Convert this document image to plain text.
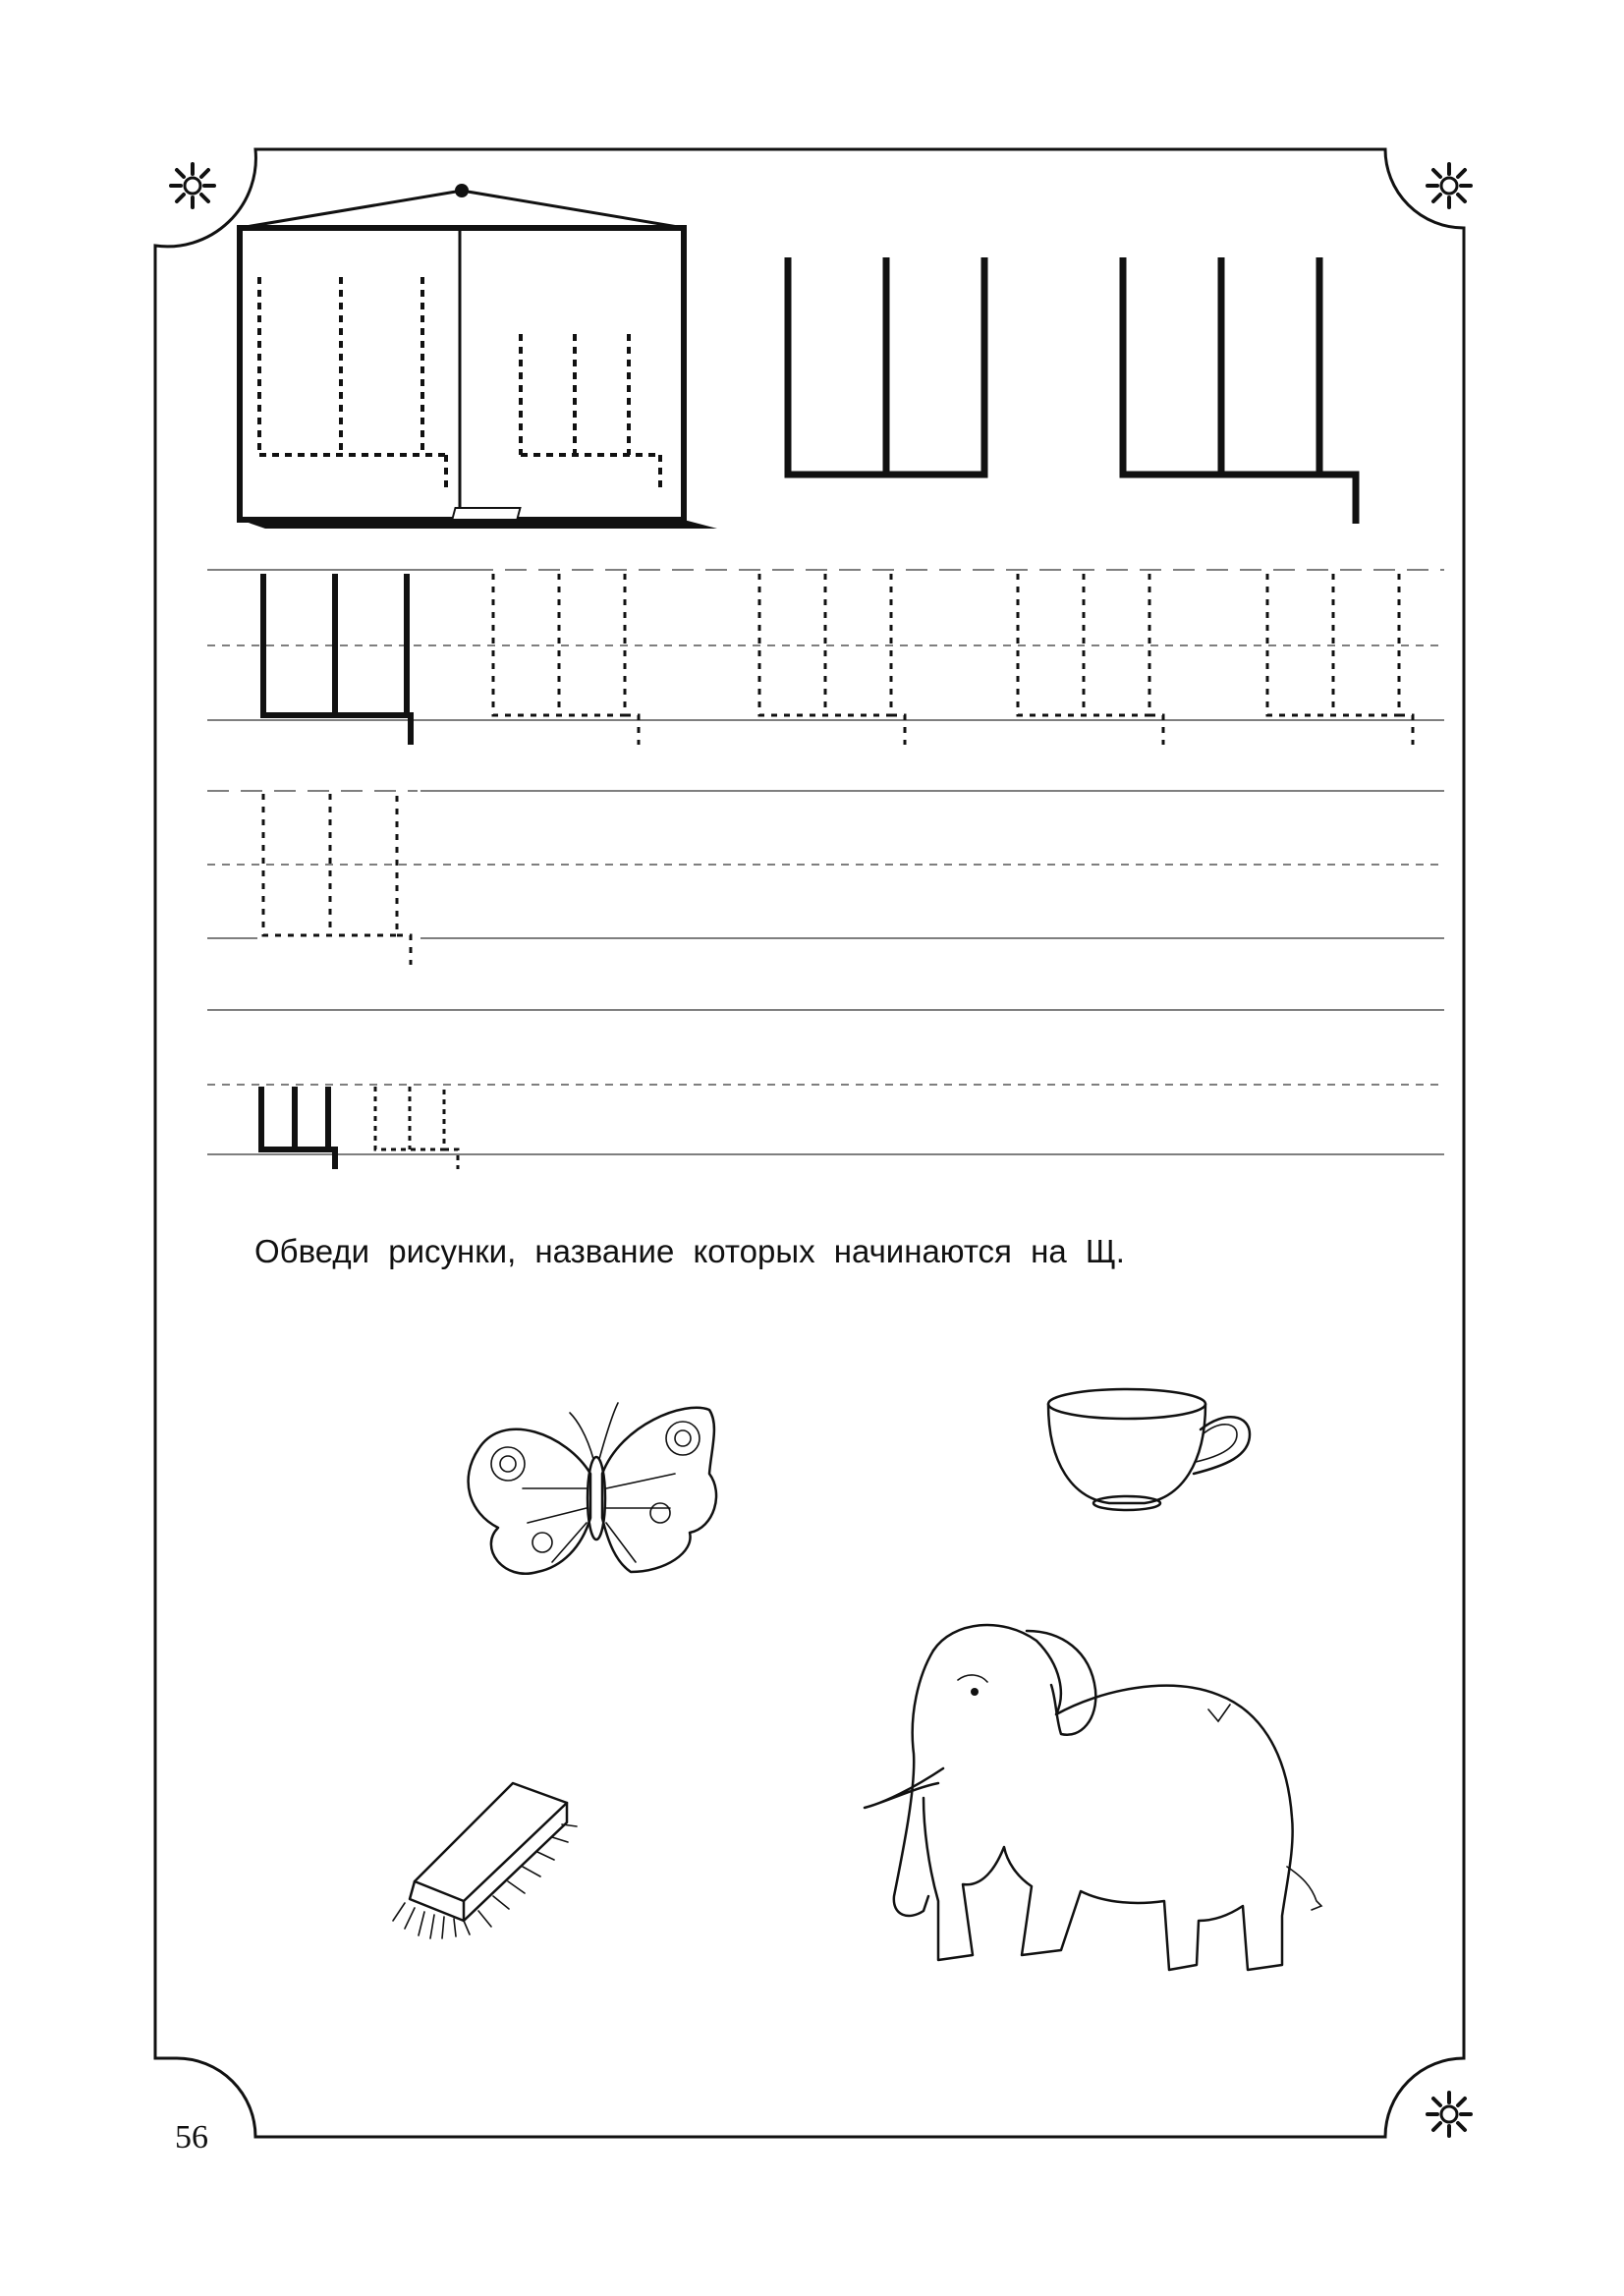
Обведи рисунки, название которых начинаются на Щ.

56
